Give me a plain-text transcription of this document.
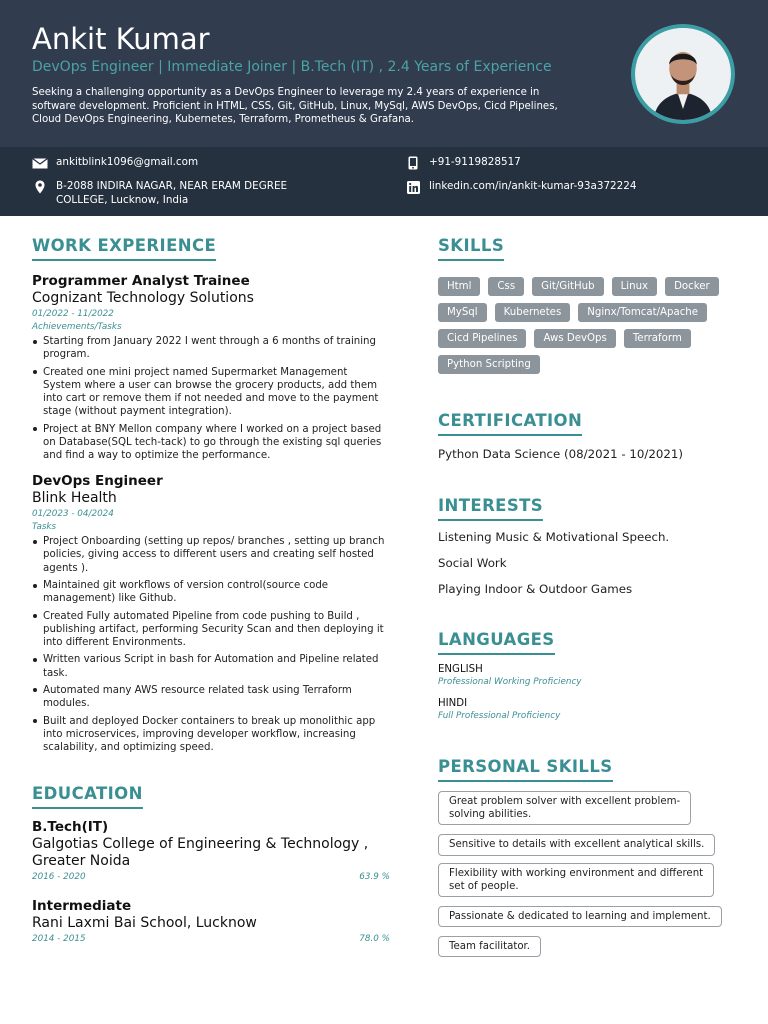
Ankit Kumar
DevOps Engineer | Immediate Joiner | B.Tech (IT) , 2.4 Years of Experience
Seeking a challenging opportunity as a DevOps Engineer to leverage my 2.4 years of experience in
software development. Proficient in HTML, CSS, Git, GitHub, Linux, MySql, AWS DevOps, Cicd Pipelines,
Cloud DevOps Engineering, Kubernetes, Terraform, Prometheus & Grafana.
ankitblink1096@gmail.com	+91-9119828517
B-2088 INDIRA NAGAR, NEAR ERAM DEGREE
COLLEGE, Lucknow, India
linkedin.com/in/ankit-kumar-93a372224
WORK EXPERIENCE
Programmer Analyst Trainee
Cognizant Technology Solutions
01/2022 - 11/2022
Achievements/Tasks
Starting from January 2022 I went through a 6 months of training
program.
Created one mini project named Supermarket Management
System where a user can browse the grocery products, add them
into cart or remove them if not needed and move to the payment
stage (without payment integration).
Project at BNY Mellon company where I worked on a project based
on Database(SQL tech-tack) to go through the existing sql queries
and find a way to optimize the performance.
DevOps Engineer
Blink Health
01/2023 - 04/2024
Tasks
Project Onboarding (setting up repos/ branches , setting up branch
policies, giving access to different users and creating self hosted
agents ).
Maintained git workflows of version control(source code
management) like Github.
Created Fully automated Pipeline from code pushing to Build ,
publishing artifact, performing Security Scan and then deploying it
into different Environments.
Written various Script in bash for Automation and Pipeline related
task.
Automated many AWS resource related task using Terraform
modules.
Built and deployed Docker containers to break up monolithic app
into microservices, improving developer workflow, increasing
scalability, and optimizing speed.
EDUCATION
B.Tech(IT)
Galgotias College of Engineering & Technology ,
Greater Noida
2016 - 2020	63.9 %
Intermediate
Rani Laxmi Bai School, Lucknow
2014 - 2015	78.0 %
SKILLS
Html	Css	Git/GitHub	Linux	Docker
MySql	Kubernetes	Nginx/Tomcat/Apache
Cicd Pipelines	Aws DevOps	Terraform
Python Scripting
CERTIFICATION
Python Data Science (08/2021 - 10/2021)
INTERESTS
Listening Music & Motivational Speech.
Social Work
Playing Indoor & Outdoor Games
LANGUAGES
ENGLISH
Professional Working Proficiency
HINDI
Full Professional Proficiency
PERSONAL SKILLS
Great problem solver with excellent problem-
solving abilities.
Sensitive to details with excellent analytical skills.
Flexibility with working environment and different
set of people.
Passionate & dedicated to learning and implement.
Team facilitator.
